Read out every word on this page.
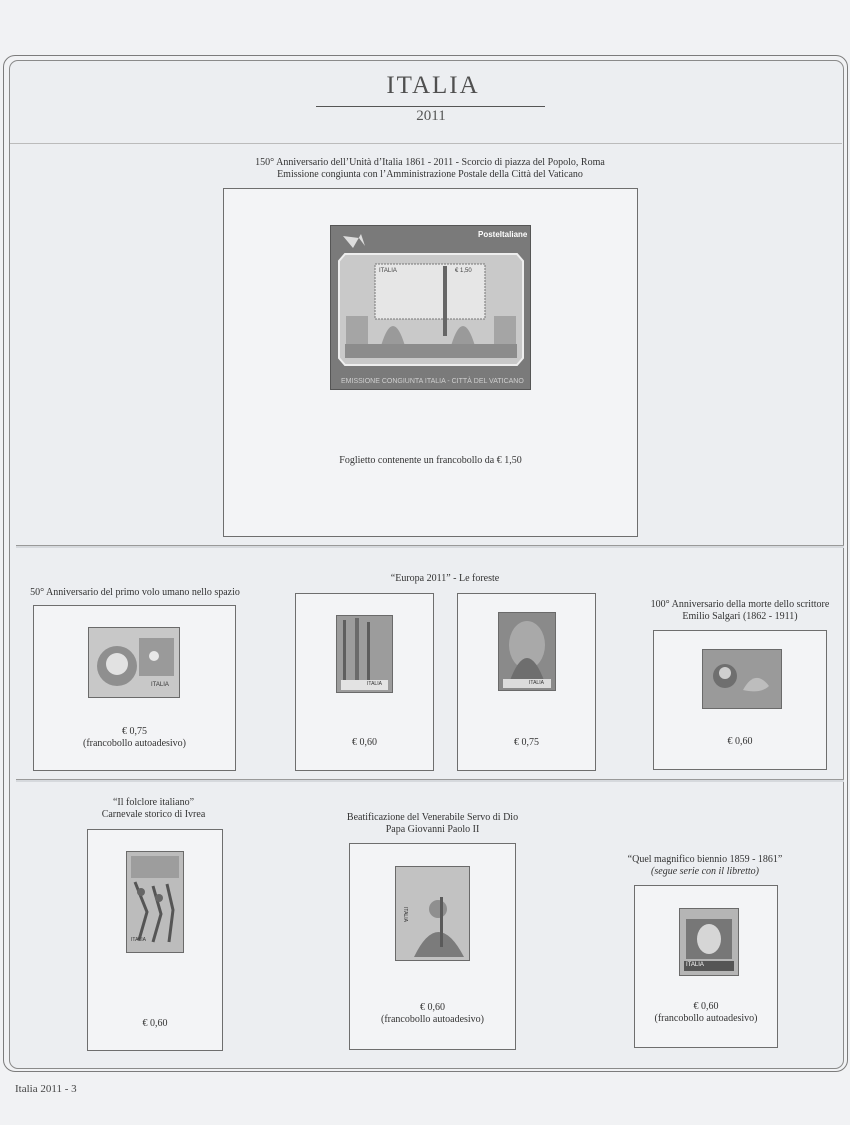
ITALIA
2011
150° Anniversario dell’Unità d’Italia 1861 - 2011 - Scorcio di piazza del Popolo, Roma
Emissione congiunta con l’Amministrazione Postale della Città del Vaticano
EMISSIONE CONGIUNTA ITALIA - CITTÀ DEL VATICANO
PosteItaliane
ITALIA	€ 1,50
Foglietto contenente un francobollo da € 1,50
50° Anniversario del primo volo umano nello spazio
ITALIA
€ 0,75
(francobollo autoadesivo)
“Europa 2011” - Le foreste
ITALIA
€ 0,60
ITALIA
€ 0,75
100° Anniversario della morte dello scrittore
Emilio Salgari (1862 - 1911)
€ 0,60
“Il folclore italiano”
Carnevale storico di Ivrea
ITALIA
€ 0,60
Beatificazione del Venerabile Servo di Dio
Papa Giovanni Paolo II
ITALIA
€ 0,60
(francobollo autoadesivo)
“Quel magnifico biennio 1859 - 1861”
(segue serie con il libretto)
ITALIA
€ 0,60
(francobollo autoadesivo)
Italia 2011 - 3
